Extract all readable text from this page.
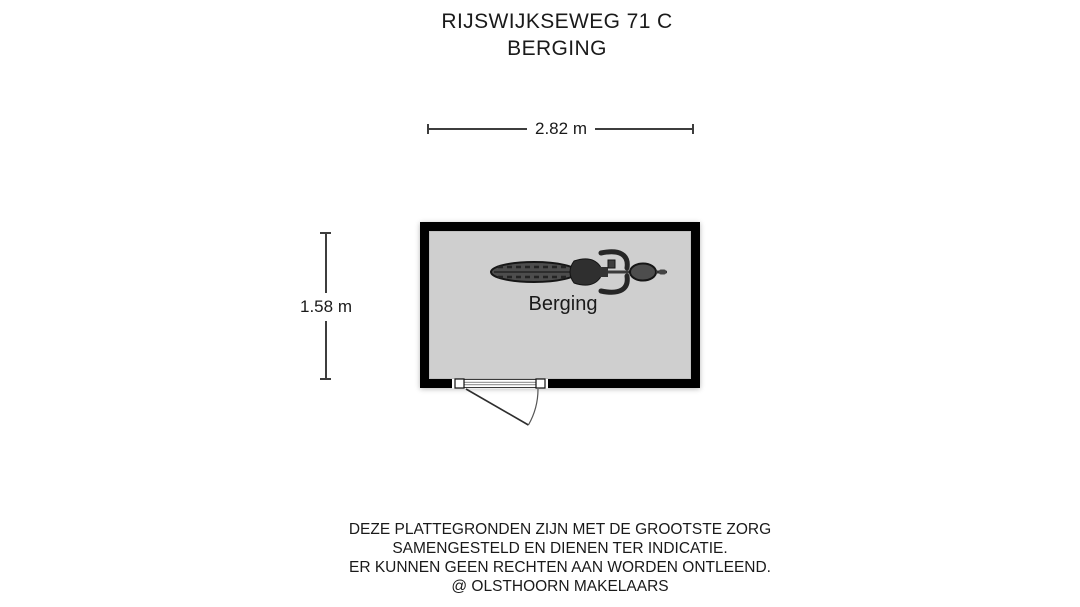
RIJSWIJKSEWEG 71 C
BERGING
2.82 m
1.58 m	Berging
DEZE PLATTEGRONDEN ZIJN MET DE GROOTSTE ZORG
SAMENGESTELD EN DIENEN TER INDICATIE.
ER KUNNEN GEEN RECHTEN AAN WORDEN ONTLEEND.
@ OLSTHOORN MAKELAARS
